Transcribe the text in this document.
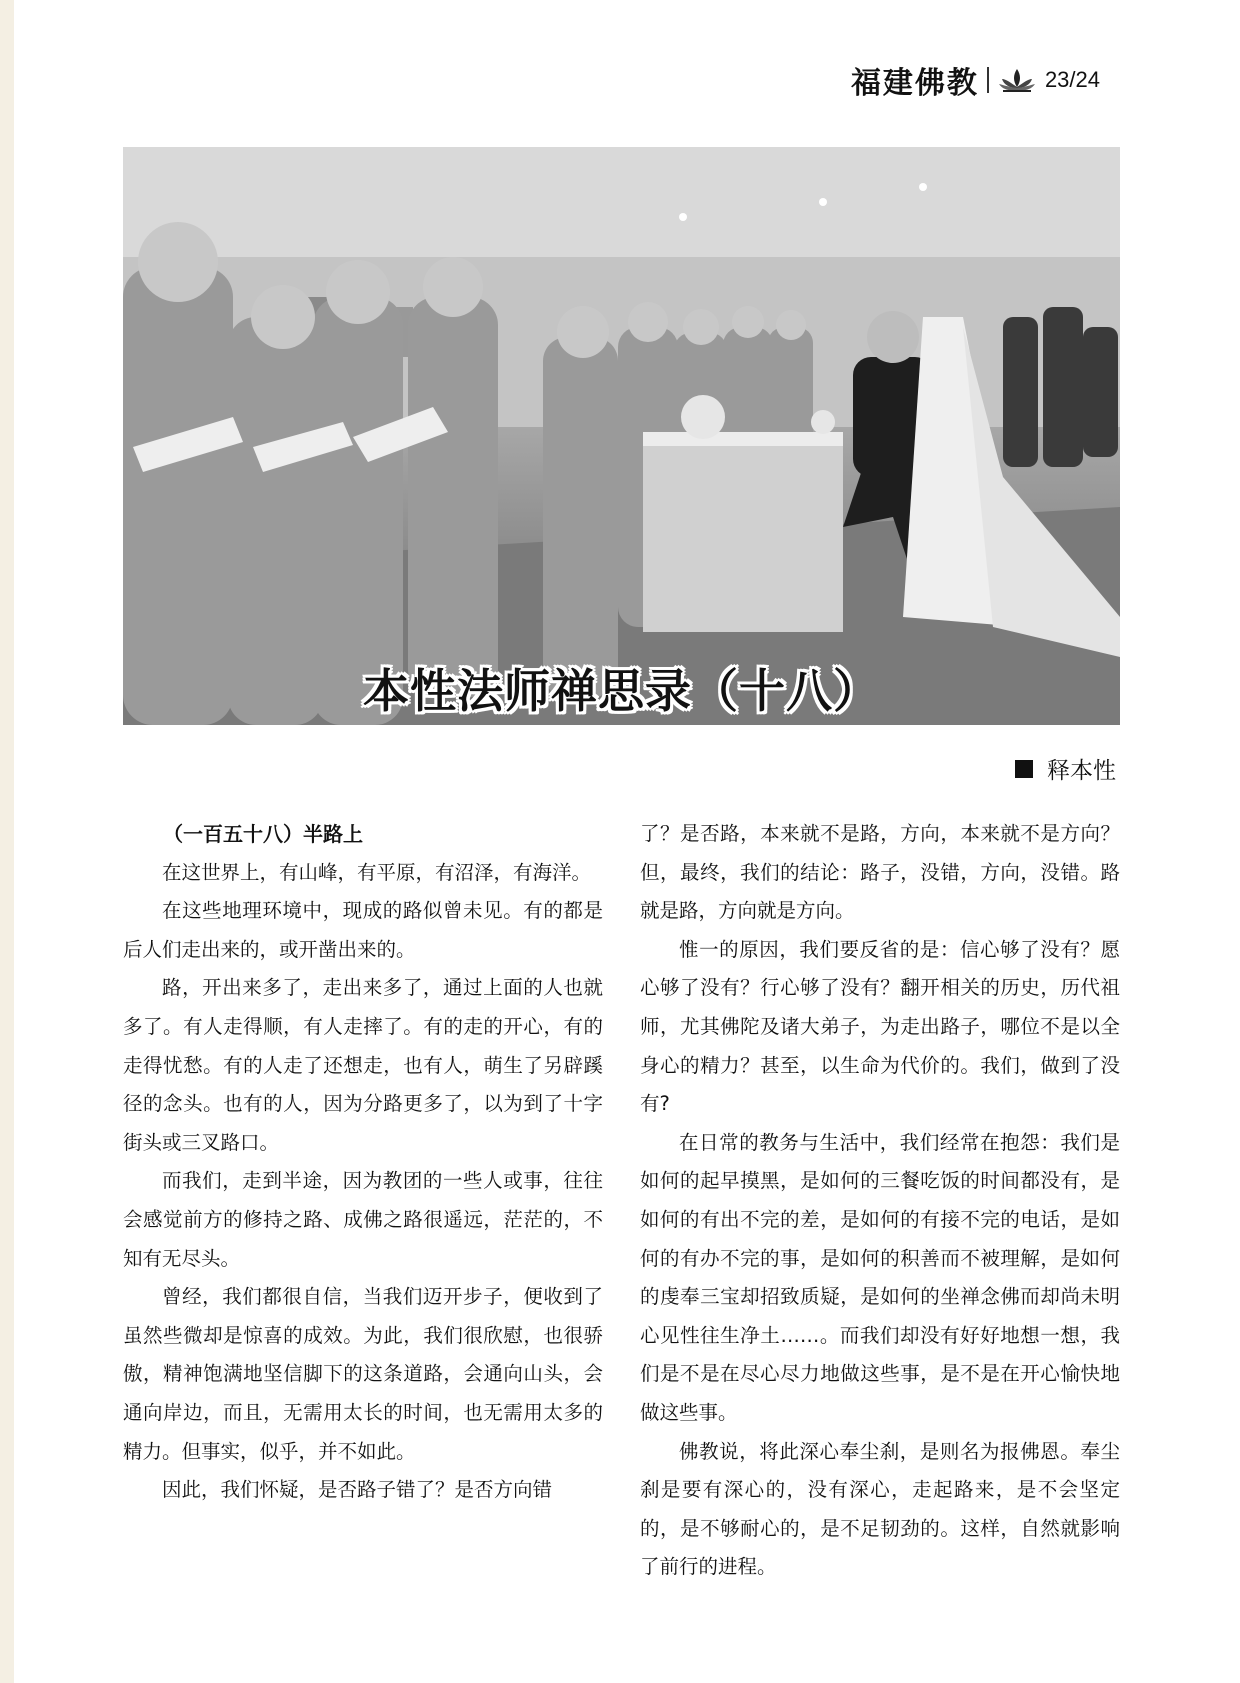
福建佛教	23/24
本性法师禅思录（十八）
释本性
（一百五十八）半路上

在这世界上，有山峰，有平原，有沼泽，有海洋。

在这些地理环境中，现成的路似曾未见。有的都是后人们走出来的，或开凿出来的。

路，开出来多了，走出来多了，通过上面的人也就多了。有人走得顺，有人走摔了。有的走的开心，有的走得忧愁。有的人走了还想走，也有人，萌生了另辟蹊径的念头。也有的人，因为分路更多了，以为到了十字街头或三叉路口。

而我们，走到半途，因为教团的一些人或事，往往会感觉前方的修持之路、成佛之路很遥远，茫茫的，不知有无尽头。

曾经，我们都很自信，当我们迈开步子，便收到了虽然些微却是惊喜的成效。为此，我们很欣慰，也很骄傲，精神饱满地坚信脚下的这条道路，会通向山头，会通向岸边，而且，无需用太长的时间，也无需用太多的精力。但事实，似乎，并不如此。

因此，我们怀疑，是否路子错了？是否方向错

了？是否路，本来就不是路，方向，本来就不是方向？但，最终，我们的结论：路子，没错，方向，没错。路就是路，方向就是方向。

惟一的原因，我们要反省的是：信心够了没有？愿心够了没有？行心够了没有？翻开相关的历史，历代祖师，尤其佛陀及诸大弟子，为走出路子，哪位不是以全身心的精力？甚至，以生命为代价的。我们，做到了没有?

在日常的教务与生活中，我们经常在抱怨：我们是如何的起早摸黑，是如何的三餐吃饭的时间都没有，是如何的有出不完的差，是如何的有接不完的电话，是如何的有办不完的事，是如何的积善而不被理解，是如何的虔奉三宝却招致质疑，是如何的坐禅念佛而却尚未明心见性往生净土……。而我们却没有好好地想一想，我们是不是在尽心尽力地做这些事，是不是在开心愉快地做这些事。

佛教说，将此深心奉尘刹，是则名为报佛恩。奉尘刹是要有深心的，没有深心，走起路来，是不会坚定的，是不够耐心的，是不足韧劲的。这样，自然就影响了前行的进程。
